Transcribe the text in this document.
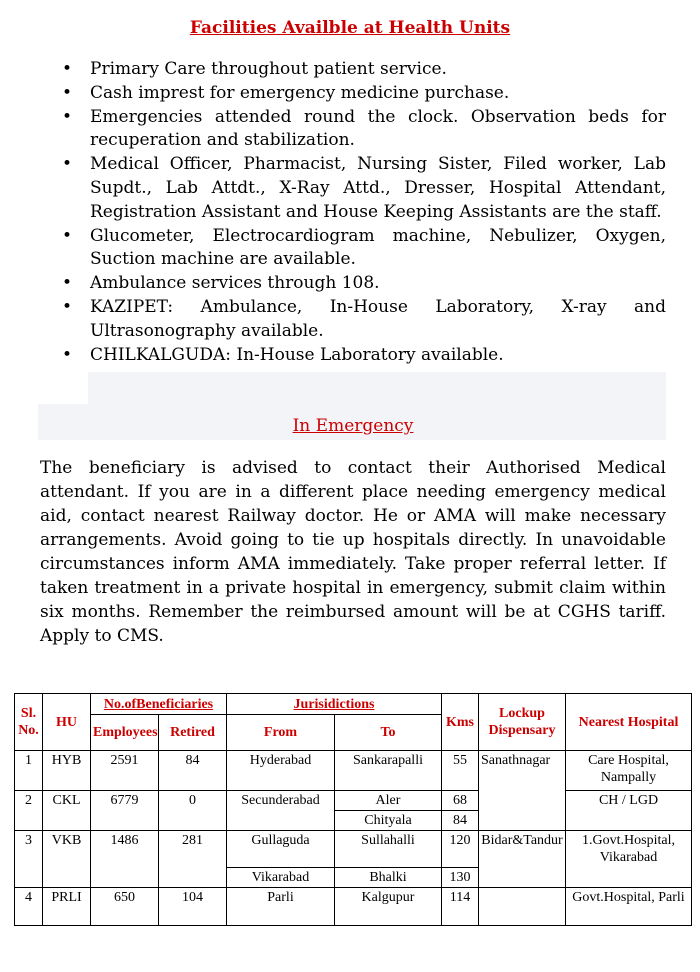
Facilities Availble at Health Units
• Primary Care throughout patient service.
• Cash imprest for emergency medicine purchase.
• Emergencies attended round the clock. Observation beds for recuperation and stabilization.
• Medical Officer, Pharmacist, Nursing Sister, Filed worker, Lab Supdt., Lab Attdt., X-Ray Attd., Dresser, Hospital Attendant, Registration Assistant and House Keeping Assistants are the staff.
• Glucometer, Electrocardiogram machine, Nebulizer, Oxygen, Suction machine are available.
• Ambulance services through 108.
• KAZIPET: Ambulance, In-House Laboratory, X-ray and Ultrasonography available.
• CHILKALGUDA: In-House Laboratory available.
In Emergency

The beneficiary is advised to contact their Authorised Medical attendant. If you are in a different place needing emergency medical aid, contact nearest Railway doctor. He or AMA will make necessary arrangements. Avoid going to tie up hospitals directly. In unavoidable circumstances inform AMA immediately. Take proper referral letter. If taken treatment in a private hospital in emergency, submit claim within six months. Remember the reimbursed amount will be at CGHS tariff. Apply to CMS.

Sl. No.	HU	No.ofBeneficiaries		Jurisidictions		Kms	Lockup Dispensary	Nearest Hospital
		Employees	Retired	From	To			
1	HYB	2591	84	Hyderabad	Sankarapalli	55	Sanathnagar	Care Hospital, Nampally
2	CKL	6779	0	Secunderabad	Aler	68		CH / LGD
					Chityala	84		
3	VKB	1486	281	Gullaguda	Sullahalli	120	Bidar&Tandur	1.Govt.Hospital, Vikarabad
				Vikarabad	Bhalki	130		
4	PRLI	650	104	Parli	Kalgupur	114		Govt.Hospital, Parli
